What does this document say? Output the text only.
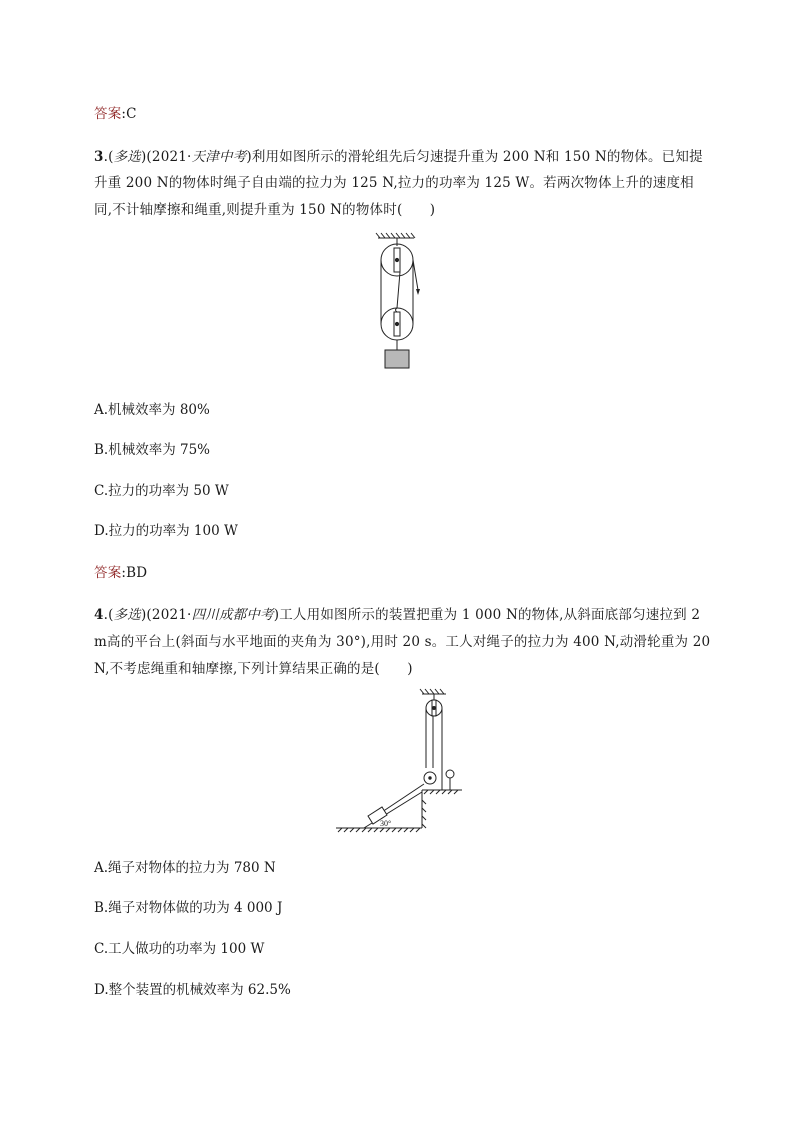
答案:C
3.(多选)(2021·天津中考)利用如图所示的滑轮组先后匀速提升重为 200 N和 150 N的物体。已知提
升重 200 N的物体时绳子自由端的拉力为 125 N,拉力的功率为 125 W。若两次物体上升的速度相
同,不计轴摩擦和绳重,则提升重为 150 N的物体时(　　)
A.机械效率为 80%
B.机械效率为 75%
C.拉力的功率为 50 W
D.拉力的功率为 100 W
答案:BD
4.(多选)(2021·四川成都中考)工人用如图所示的装置把重为 1 000 N的物体,从斜面底部匀速拉到 2
m高的平台上(斜面与水平地面的夹角为 30°),用时 20 s。工人对绳子的拉力为 400 N,动滑轮重为 20
N,不考虑绳重和轴摩擦,下列计算结果正确的是(　　)
30°
A.绳子对物体的拉力为 780 N
B.绳子对物体做的功为 4 000 J
C.工人做功的功率为 100 W
D.整个装置的机械效率为 62.5%
